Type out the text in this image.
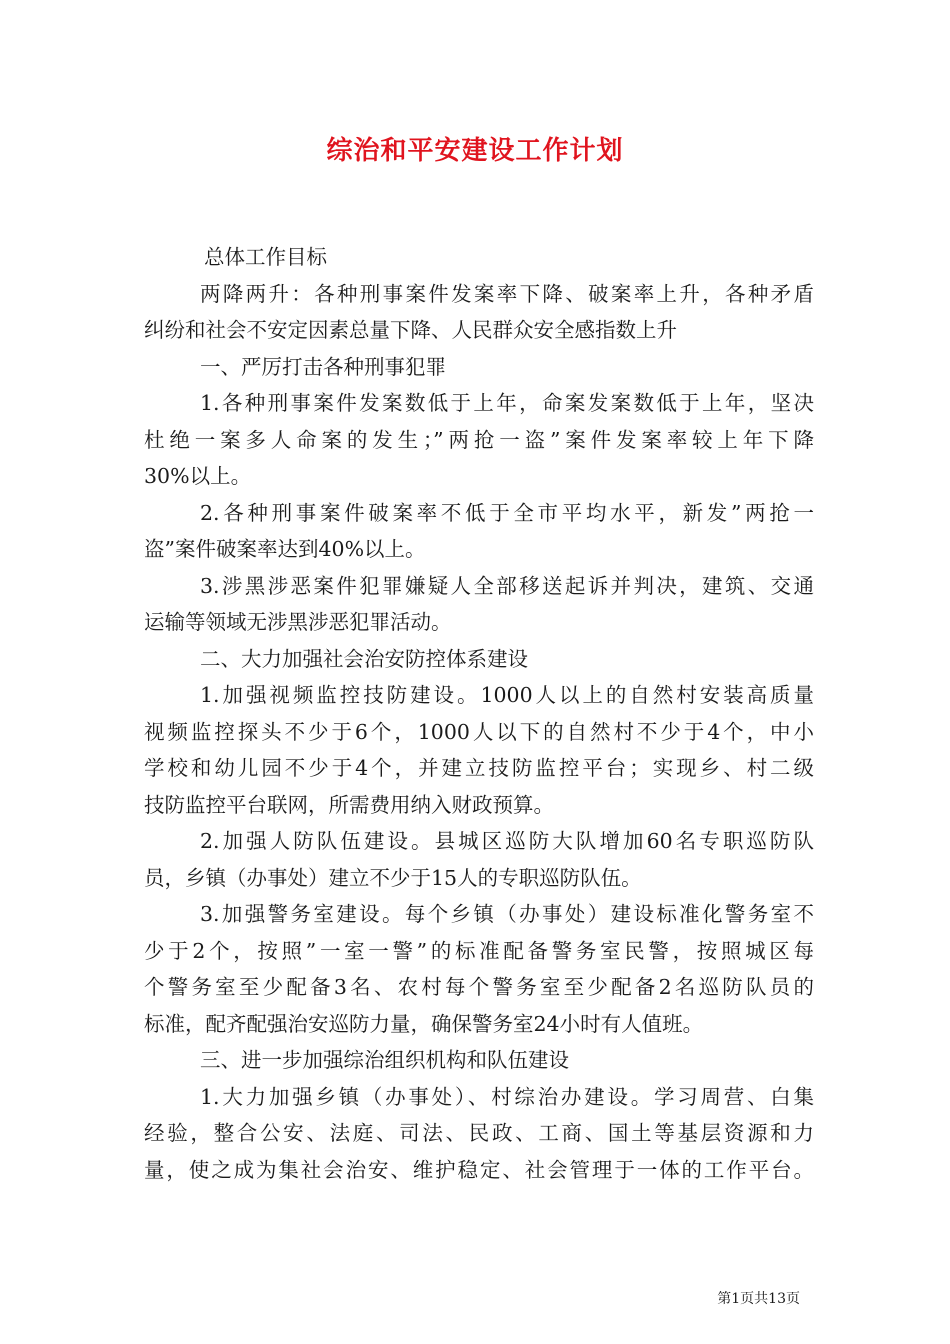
综治和平安建设工作计划
总体工作目标
两降两升：各种刑事案件发案率下降、破案率上升，各种矛盾
纠纷和社会不安定因素总量下降、人民群众安全感指数上升
一、严厉打击各种刑事犯罪
1.各种刑事案件发案数低于上年，命案发案数低于上年，坚决
杜绝一案多人命案的发生；”两抢一盗”案件发案率较上年下降
30%以上。
2.各种刑事案件破案率不低于全市平均水平，新发”两抢一
盗”案件破案率达到40%以上。
3.涉黑涉恶案件犯罪嫌疑人全部移送起诉并判决，建筑、交通
运输等领域无涉黑涉恶犯罪活动。
二、大力加强社会治安防控体系建设
1.加强视频监控技防建设。1000人以上的自然村安装高质量
视频监控探头不少于6个，1000人以下的自然村不少于4个，中小
学校和幼儿园不少于4个，并建立技防监控平台；实现乡、村二级
技防监控平台联网，所需费用纳入财政预算。
2.加强人防队伍建设。县城区巡防大队增加60名专职巡防队
员，乡镇（办事处）建立不少于15人的专职巡防队伍。
3.加强警务室建设。每个乡镇（办事处）建设标准化警务室不
少于2个，按照”一室一警”的标准配备警务室民警，按照城区每
个警务室至少配备3名、农村每个警务室至少配备2名巡防队员的
标准，配齐配强治安巡防力量，确保警务室24小时有人值班。
三、进一步加强综治组织机构和队伍建设
1.大力加强乡镇（办事处）、村综治办建设。学习周营、白集
经验，整合公安、法庭、司法、民政、工商、国土等基层资源和力
量，使之成为集社会治安、维护稳定、社会管理于一体的工作平台。
第1页共13页
